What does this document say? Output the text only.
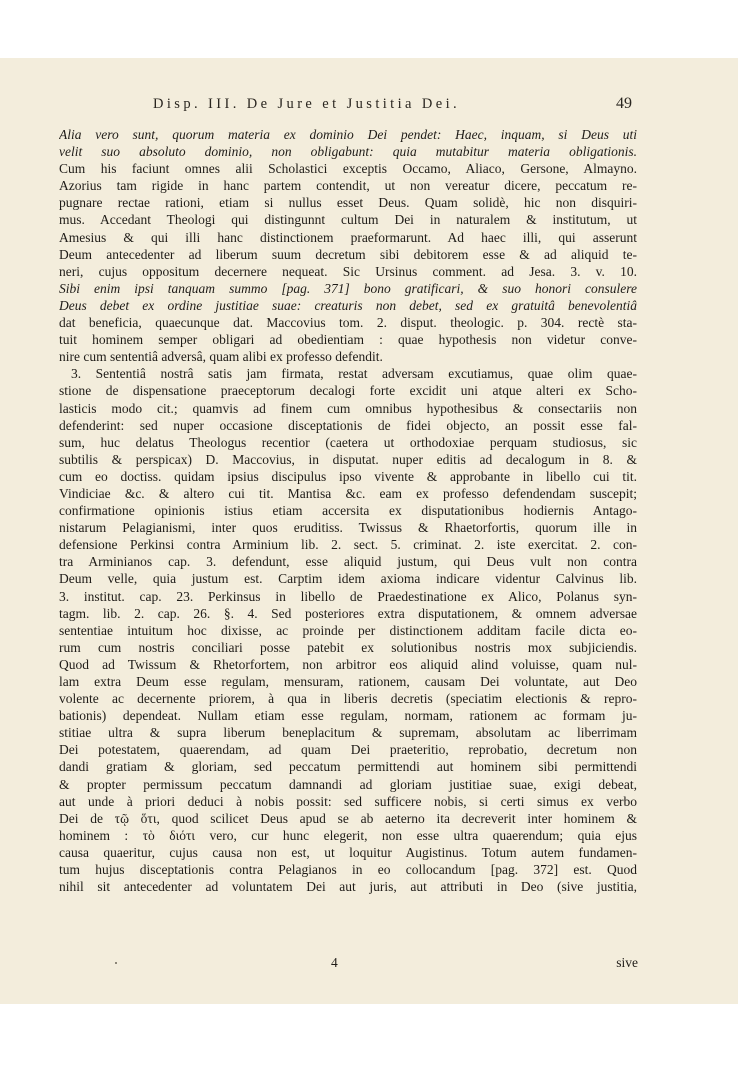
Disp. III. De Jure et Justitia Dei.	49
Alia vero sunt, quorum materia ex dominio Dei pendet: Haec, inquam, si Deus uti
velit suo absoluto dominio, non obligabunt: quia mutabitur materia obligationis.
Cum his faciunt omnes alii Scholastici exceptis Occamo, Aliaco, Gersone, Almayno.
Azorius tam rigide in hanc partem contendit, ut non vereatur dicere, peccatum re-
pugnare rectae rationi, etiam si nullus esset Deus. Quam solidè, hic non disquiri-
mus. Accedant Theologi qui distingunnt cultum Dei in naturalem & institutum, ut
Amesius & qui illi hanc distinctionem praeformarunt. Ad haec illi, qui asserunt
Deum antecedenter ad liberum suum decretum sibi debitorem esse & ad aliquid te-
neri, cujus oppositum decernere nequeat. Sic Ursinus comment. ad Jesa. 3. v. 10.
Sibi enim ipsi tanquam summo [pag. 371] bono gratificari, & suo honori consulere
Deus debet ex ordine justitiae suae: creaturis non debet, sed ex gratuitâ benevolentiâ
dat beneficia, quaecunque dat. Maccovius tom. 2. disput. theologic. p. 304. rectè sta-
tuit hominem semper obligari ad obedientiam : quae hypothesis non videtur conve-
nire cum sententiâ adversâ, quam alibi ex professo defendit.
3. Sententiâ nostrâ satis jam firmata, restat adversam excutiamus, quae olim quae-
stione de dispensatione praeceptorum decalogi forte excidit uni atque alteri ex Scho-
lasticis modo cit.; quamvis ad finem cum omnibus hypothesibus & consectariis non
defenderint: sed nuper occasione disceptationis de fidei objecto, an possit esse fal-
sum, huc delatus Theologus recentior (caetera ut orthodoxiae perquam studiosus, sic
subtilis & perspicax) D. Maccovius, in disputat. nuper editis ad decalogum in 8. &
cum eo doctiss. quidam ipsius discipulus ipso vivente & approbante in libello cui tit.
Vindiciae &c. & altero cui tit. Mantisa &c. eam ex professo defendendam suscepit;
confirmatione opinionis istius etiam accersita ex disputationibus hodiernis Antago-
nistarum Pelagianismi, inter quos eruditiss. Twissus & Rhaetorfortis, quorum ille in
defensione Perkinsi contra Arminium lib. 2. sect. 5. criminat. 2. iste exercitat. 2. con-
tra Arminianos cap. 3. defendunt, esse aliquid justum, qui Deus vult non contra
Deum velle, quia justum est. Carptim idem axioma indicare videntur Calvinus lib.
3. institut. cap. 23. Perkinsus in libello de Praedestinatione ex Alico, Polanus syn-
tagm. lib. 2. cap. 26. §. 4. Sed posteriores extra disputationem, & omnem adversae
sententiae intuitum hoc dixisse, ac proinde per distinctionem additam facile dicta eo-
rum cum nostris conciliari posse patebit ex solutionibus nostris mox subjiciendis.
Quod ad Twissum & Rhetorfortem, non arbitror eos aliquid alind voluisse, quam nul-
lam extra Deum esse regulam, mensuram, rationem, causam Dei voluntate, aut Deo
volente ac decernente priorem, à qua in liberis decretis (speciatim electionis & repro-
bationis) dependeat. Nullam etiam esse regulam, normam, rationem ac formam ju-
stitiae ultra & supra liberum beneplacitum & supremam, absolutam ac liberrimam
Dei potestatem, quaerendam, ad quam Dei praeteritio, reprobatio, decretum non
dandi gratiam & gloriam, sed peccatum permittendi aut hominem sibi permittendi
& propter permissum peccatum damnandi ad gloriam justitiae suae, exigi debeat,
aut unde à priori deduci à nobis possit: sed sufficere nobis, si certi simus ex verbo
Dei de τῷ ὅτι, quod scilicet Deus apud se ab aeterno ita decreverit inter hominem &
hominem : τὸ διότι vero, cur hunc elegerit, non esse ultra quaerendum; quia ejus
causa quaeritur, cujus causa non est, ut loquitur Augistinus. Totum autem fundamen-
tum hujus disceptationis contra Pelagianos in eo collocandum [pag. 372] est. Quod
nihil sit antecedenter ad voluntatem Dei aut juris, aut attributi in Deo (sive justitia,
4	sive
